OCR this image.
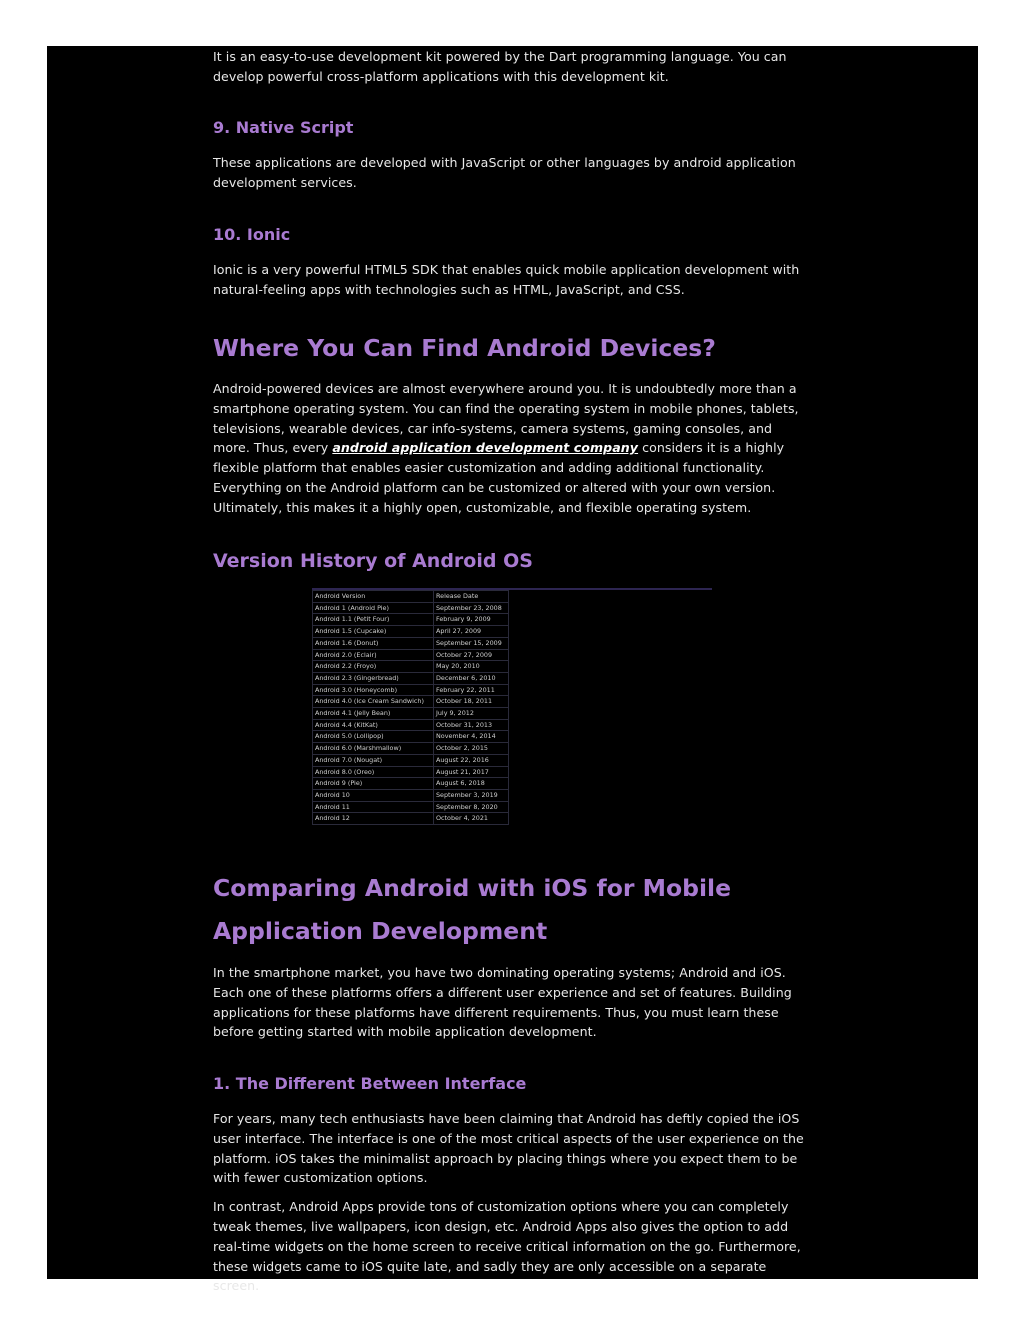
It is an easy-to-use development kit powered by the Dart programming language. You can develop powerful cross-platform applications with this development kit.

9. Native Script

These applications are developed with JavaScript or other languages by android application development services.

10. Ionic

Ionic is a very powerful HTML5 SDK that enables quick mobile application development with natural-feeling apps with technologies such as HTML, JavaScript, and CSS.

Where You Can Find Android Devices?

Android-powered devices are almost everywhere around you. It is undoubtedly more than a smartphone operating system. You can find the operating system in mobile phones, tablets, televisions, wearable devices, car info-systems, camera systems, gaming consoles, and more. Thus, every android application development company considers it is a highly flexible platform that enables easier customization and adding additional functionality. Everything on the Android platform can be customized or altered with your own version. Ultimately, this makes it a highly open, customizable, and flexible operating system.

Version History of Android OS
Android Version	Release Date
Android 1 (Android Pie)	September 23, 2008
Android 1.1 (Petit Four)	February 9, 2009
Android 1.5 (Cupcake)	April 27, 2009
Android 1.6 (Donut)	September 15, 2009
Android 2.0 (Eclair)	October 27, 2009
Android 2.2 (Froyo)	May 20, 2010
Android 2.3 (Gingerbread)	December 6, 2010
Android 3.0 (Honeycomb)	February 22, 2011
Android 4.0 (Ice Cream Sandwich)	October 18, 2011
Android 4.1 (Jelly Bean)	July 9, 2012
Android 4.4 (KitKat)	October 31, 2013
Android 5.0 (Lollipop)	November 4, 2014
Android 6.0 (Marshmallow)	October 2, 2015
Android 7.0 (Nougat)	August 22, 2016
Android 8.0 (Oreo)	August 21, 2017
Android 9 (Pie)	August 6, 2018
Android 10	September 3, 2019
Android 11	September 8, 2020
Android 12	October 4, 2021
Comparing Android with iOS for Mobile
Application Development

In the smartphone market, you have two dominating operating systems; Android and iOS. Each one of these platforms offers a different user experience and set of features. Building applications for these platforms have different requirements. Thus, you must learn these before getting started with mobile application development.

1. The Different Between Interface

For years, many tech enthusiasts have been claiming that Android has deftly copied the iOS user interface. The interface is one of the most critical aspects of the user experience on the platform. iOS takes the minimalist approach by placing things where you expect them to be with fewer customization options.

In contrast, Android Apps provide tons of customization options where you can completely tweak themes, live wallpapers, icon design, etc. Android Apps also gives the option to add real-time widgets on the home screen to receive critical information on the go. Furthermore, these widgets came to iOS quite late, and sadly they are only accessible on a separate screen.
